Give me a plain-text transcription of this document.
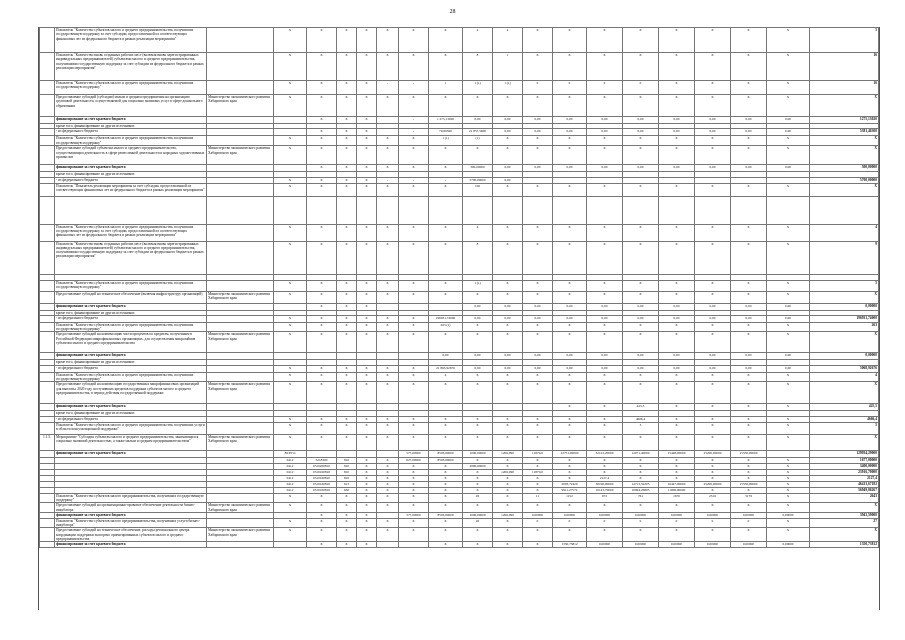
28
	Показатель "Количество субъектов малого и среднего предпринимательства, получивших государственную поддержку за счет субсидии, предоставленной из соответствующих финансовых лет из федерального бюджета в рамках реализации мероприятия"		X	X	X	X	X	X	X	4	4	X	X	X	X	X	X	X	X	5
	Показатель "Количество вновь созданных рабочих мест (включая вновь зарегистрированных индивидуальных предпринимателей) субъектами малого и среднего предпринимательства, получившими государственную поддержку за счет субсидии из федерального бюджета в рамках реализации мероприятия"		X	X	X	X	X	X	X	8	1	X	X	X	X	X	X	X	X	16
	Показатель "Количество субъектов малого и среднего предпринимательства, получивших государственную поддержку"		X	X	X	X	-	-	1	1 (1)	1 (1)	0	0	0	0	X	X	X	X	16
	Предоставление субсидий (субсидии) малым и средним предприятиям на организацию групповой деятельности, осуществляемой для социально значимых услуг в сфере дошкольного образования	Министерство экономического развития Хабаровского края	X	X	X	X	X	X	X	X	X	X	X	X	X	X	X	X	X	X
	финансирование за счет краевого бюджета			X	X	X		-	1 275,13020	0,00	0,00	0,00	0,00	0,00	0,00	0,00	0,00	0,00	0,00	1275,13020
	кроме того, финансирование из других источников:																			
	- из федерального бюджета			X	X	X		-	70,66590	21 857,5600	0,00	0,00	0,00	0,00	0,00	0,00	0,00	0,00	0,00	5381,46300
	Показатель "Количество субъектов малого и среднего предпринимательства, получивших государственную поддержку"		X	X	X	X	X	X	1 (1)	(1)	X	X	X	X	X	X	X	X	X	X
	Предоставление субсидий субъектам малого и среднего предпринимательства, осуществляющим деятельность в сфере ремесленной деятельности и народных художественных промыслов	Министерство экономического развития Хабаровского края	X	X	X	X	X	X	X	X	X	X	X	X	X	X	X	X	X	X
	финансирование за счет краевого бюджета			X	X	X	X	X	X	300,00000	0,00	0,00	0,00	0,00	0,00	0,00	0,00	0,00	0,00	300,00000
	кроме того, финансирование из других источников:																			
	- из федерального бюджета		X	X	X	X	-	-	-	5700,00000	0,00									5700,00000
	Показатель "Показатель реализации мероприятия за счет субсидии, предоставленной из соответствующих финансовых лет из федерального бюджета в рамках реализации мероприятия"		X	X	X	X	X	X	X	100	X	X	X	X	X	X	X	X	X	X

	Показатель "Количество субъектов малого и среднего предпринимательства, получивших государственную поддержку за счет субсидии, предоставленной из соответствующих финансовых лет из федерального бюджета в рамках реализации мероприятия"		X	X	X	X	X	X	X	4	X	X	X	X	X	X	X	X	X	4
	Показатель "Количество вновь созданных рабочих мест (включая вновь зарегистрированных индивидуальных предпринимателей) субъектами малого и среднего предпринимательства, получившими государственную поддержку за счет субсидии из федерального бюджета в рамках реализации мероприятия"		X	X	X	X	X	X	X	8	X	X	X	X	X	X	X	X	X	9

	Показатель "Количество субъектов малого и среднего предпринимательства, получивших государственную поддержку"		X	X	X	X	X	X	X	1 (1)	X	X	X	X	X	X	X	X	X	5
	Предоставление субсидий на техническое обеспечение (включая инфраструктуру организаций)	Министерство экономического развития Хабаровского края	X	X	X	X	X	X	X	X	X	X	X	X	X	X	X	X	X	X
	финансирование за счет краевого бюджета			X	X	X				0,00	0,00	0,00	0,00	0,00	0,00	0,00	0,00	0,00	0,00	0,00000
	кроме того, финансирование из других источников:																			
	- из федерального бюджета		X	X	X	X	X	X	196931,74000	0,00	0,00	0,00	0,00	0,00	0,00	0,00	0,00	0,00	0,00	196931,74000
	Показатель "Количество субъектов малого и среднего предпринимательства, получивших государственную поддержку"		X	X	X	X	X	X	263 (1)	X	X	X	X	X	X	X	X	X	X	263
	Предоставление субсидий на компенсацию части процентов по кредитам, полученным в Российской Федерации микрофинансовых организациях, для осуществления микрозаймов субъектам малого и среднего предпринимательства	Министерство экономического развития Хабаровского края	X	X	X	X	X	X	X	X	X	X	X	X	X	X	X	X	X	X
	финансирование за счет краевого бюджета								0,00	0,00	0,00	0,00	0,00	0,00	0,00	0,00	0,00	0,00	0,00	0,00000
	кроме того, финансирование из других источников:																			
	- из федерального бюджета		X	X	X	X	X	X	21 863,92676	0,00	0,00	0,00	0,00	0,00	0,00	0,00	0,00	0,00	0,00	5068,92676
	Показатель "Количество субъектов малого и среднего предпринимательства, получивших государственную поддержку"		X	X	X	X	X	X	4	X	X	X	X	X	X	X	X	X	X	4
	Предоставление субсидий на компенсацию государственных микрофинансовых организаций для выплаты, 2020 году поступивших кредитов поддержки субъектов малого и среднего предпринимательства, в период действия государственной поддержки	Министерство экономического развития Хабаровского края	X	X	X	X	X	X	X	X	X	X	X	X	X	X	X	X	X	X
	финансирование за счет краевого бюджета												X	X	425,5	X	X	X	X	425,5
	кроме того, финансирование из других источников:																			
	- из федерального бюджета		X	X	X	X	X	X	X	X	X	X	X	X	4666,4	X	X	X	X	4666,4
	Показатель "Количество субъектов малого и среднего предпринимательства, получивших услуги в области консультационной поддержки"		X	X	X	X	X	X	X	X	X	X	X	X	3	X	X	X	X	5
1.1.5.	Мероприятие "Субсидия субъектам малого и среднего предпринимательства, занимающихся социально значимой деятельностью, а также малым и средним предпринимательством"	Министерство экономического развития Хабаровского края	X	X	X	X	X	X	X	X	X	X	X	X	X	X	X	X	X	X
	финансирование за счет краевого бюджета		ВСЕГО					577,00000	8503,00000	1000,00000	1206,090	11870,0	12751,00000	32122,20000	12071,40000	15448,00000	25200,00000	15550,00000		129934,29000
			0412	5218300	810	X	X	627,00000	8503,00000	X	X	X	X	X	X	X	X	X	X	1677,00000
			0412	0310260810	810	X	X	X	X	2900,00000	X	X	X	X	X	X	X	X	X	3400,00000
			0412	0310160810	810	X	X	X	X	X	1206,090	11870,0	X	X	X	X	X	X	X	23916,70000
			0412	0310160810	810	X	X	X	X	X	X	X	X	2127,4	X	X	X	X	X	2127,4
			0412	0310160810	613	X	X	X	X	X	X	X	2003,72420	30190,90000	14713,32205	16447,00000	25200,00000	15550,00000	X	46413,67182
			0412	0310160810	630	X	X	X	X	X	X	X	9911,27572	10143,70000	10994,26803	11008,00000	X	X	X	56949,86267
	Показатель "Количество субъектов малого предпринимательства, получивших государственную поддержку"		X	X	X	X	X	X	X	26	X	11	1152	672	761	1670	2516	3179	X	2643
	Предоставление субсидий на организационно-правовое обеспечение деятельности бизнес-инкубатора	Министерство экономического развития Хабаровского края	X	X	X	X	X	X	X	X	X	X	X	X	X	X	X	X	X	X
	финансирование за счет краевого бюджета			X	X	X		577,00000	8503,00000	1000,00000	1206,090	0,00000	0,00000	0,00000	0,00000	0,00000	0,00000	0,00000	0,00000	3943,59000
	Показатель "Количество субъектов малого предпринимательства, получивших услуги бизнес-инкубатора"		X	X	X	X	X	X	X	26	X	0	0	0	0	0	0	0	X	27
	Предоставление субсидий на техническое обеспечение, расходы регионального центра координации поддержки экспортно ориентированных субъектов малого и среднего предпринимательства	Министерство экономического развития Хабаровского края	X	X	X	X	X	X	X	X	X	X	X	X	X	X	X	X	X	X
	финансирование за счет краевого бюджета			X	X	X			X	X	X	X	1350,73812	0,00000	0,00000	0,00000	0,00000	0,00000	0,00000	1350,73812
